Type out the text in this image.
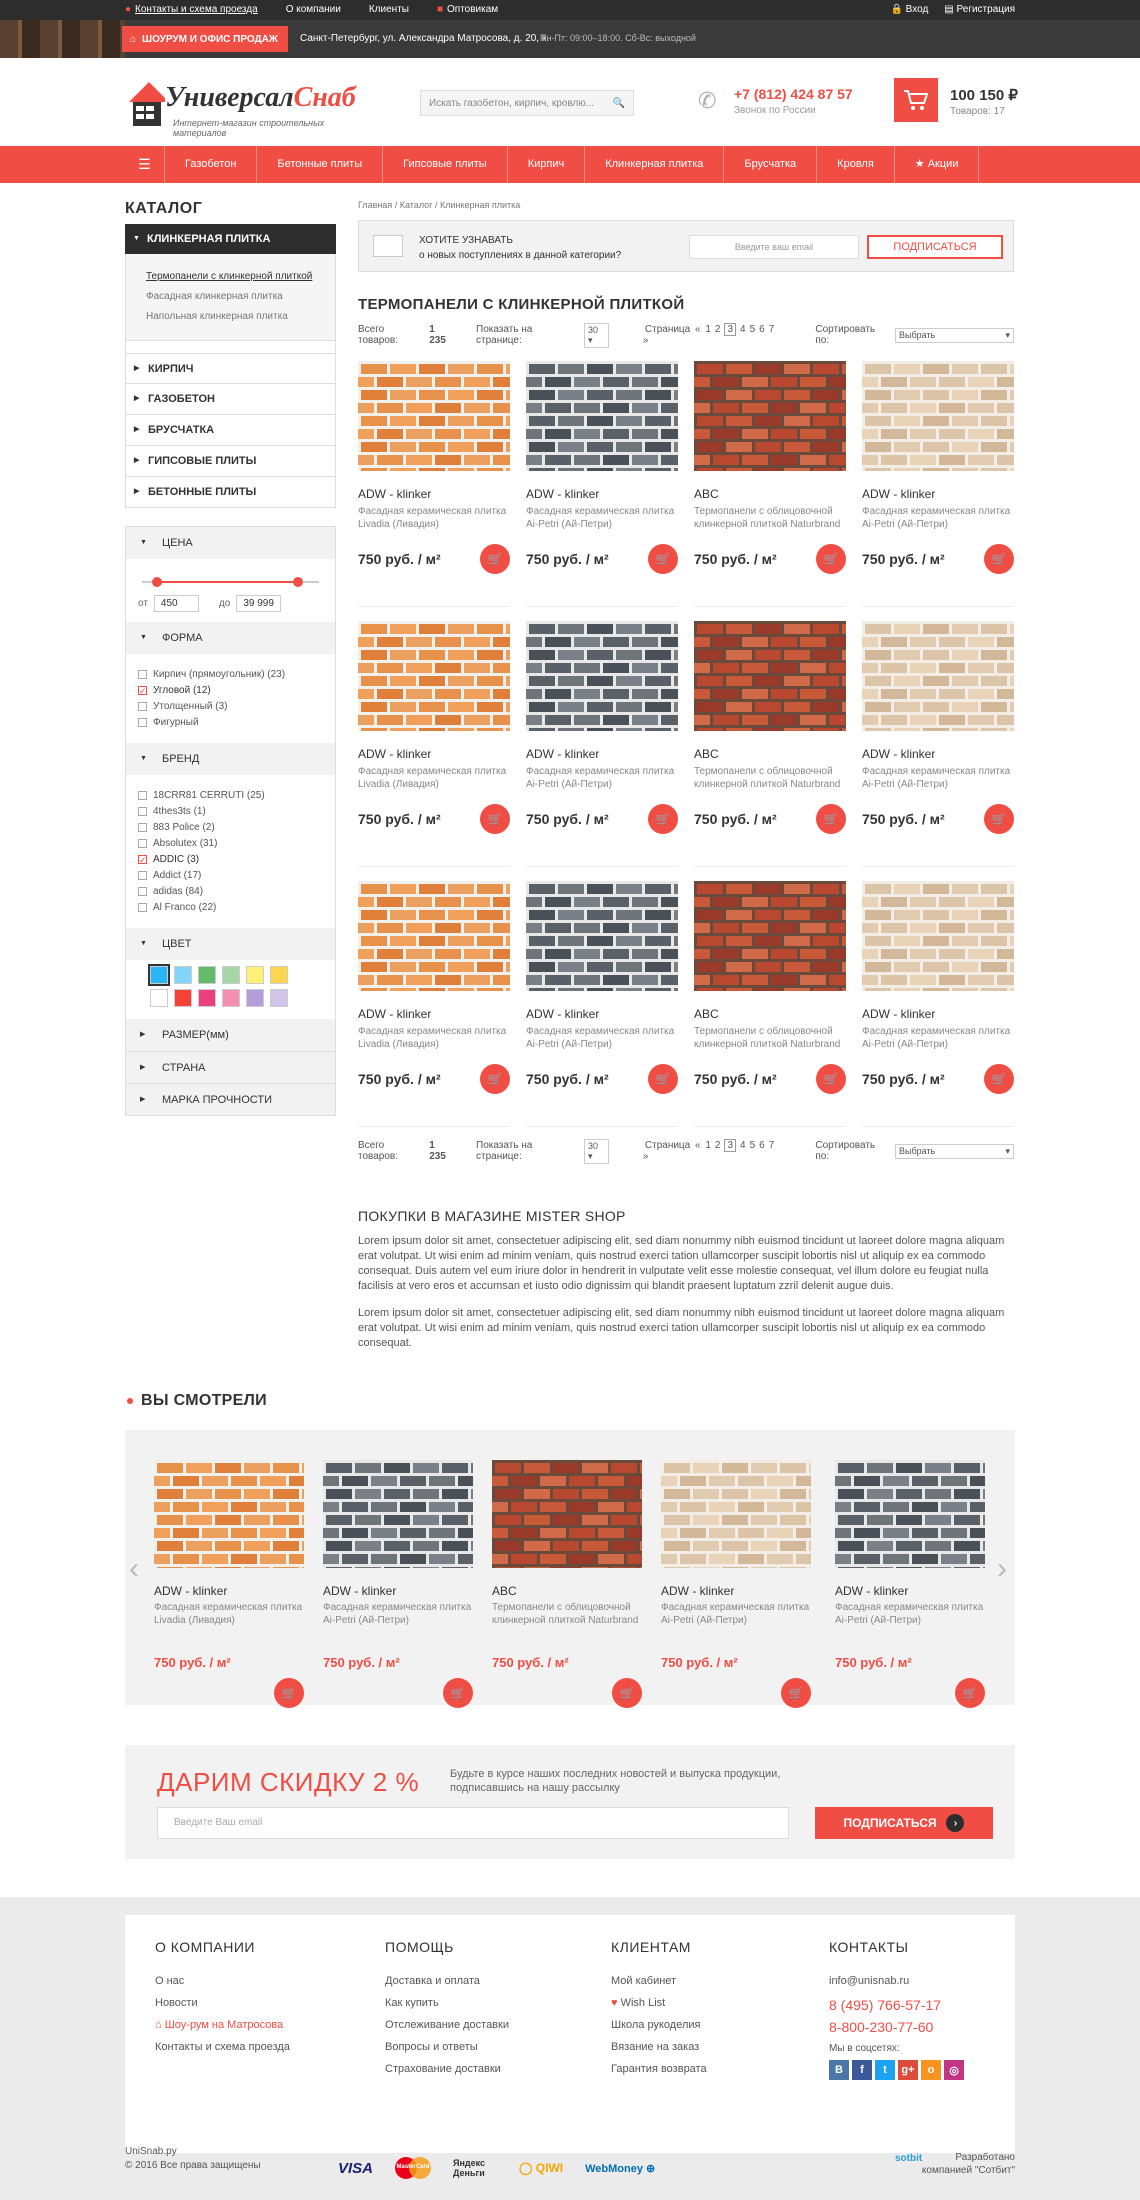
● Контакты и схема проезда	О компании	Клиенты	■ Оптовикам	🔒 Вход ▤ Регистрация
⌂ ШОУРУМ И ОФИС ПРОДАЖ Санкт-Петербург, ул. Александра Матросова, д. 20, к.
Пн-Пт: 09:00–18:00. Сб-Вс: выходной
УниверсалСнаб
Интернет-магазин строительных материалов
Искать газобетон, кирпич, кровлю... 🔍	✆	+7 (812) 424 87 57
Звонок по России
100 150 ₽
Товаров: 17
☰	Газобетон	Бетонные плиты	Гипсовые плиты	Кирпич	Клинкерная плитка	Брусчатка	Кровля	★ Акции
КАТАЛОГ
▼ КЛИНКЕРНАЯ ПЛИТКА
Термопанели с клинкерной плиткой
Фасадная клинкерная плитка
Напольная клинкерная плитка
▶ КИРПИЧ
▶ ГАЗОБЕТОН
▶ БРУСЧАТКА
▶ ГИПСОВЫЕ ПЛИТЫ
▶ БЕТОННЫЕ ПЛИТЫ
▼ ЦЕНА
от	450	до	39 999
▼ ФОРМА
Кирпич (прямоугольник) (23)
✓ Угловой (12)
Утолщенный (3)
Фигурный
▼ БРЕНД
18CRR81 CERRUTI (25)
4thes3ts (1)
883 Police (2)
Absolutex (31)
✓ ADDIC (3)
Addict (17)
adidas (84)
Al Franco (22)
▼ ЦВЕТ
▶ РАЗМЕР(мм)
▶ СТРАНА
▶ МАРКА ПРОЧНОСТИ
Главная / Каталог / Клинкерная плитка
ХОТИТЕ УЗНАВАТЬ
о новых поступлениях в данной категории?
Введите ваш email	ПОДПИСАТЬСЯ
ТЕРМОПАНЕЛИ С КЛИНКЕРНОЙ ПЛИТКОЙ
Всего товаров:

1 235
Показать на странице:
30 ▾
Страница « 1 2 3 4 5 6 7 »
Сортировать по:
Выбрать	▾
ADW - klinker
Фасадная керамическая плитка Livadia (Ливадия)
750 руб. / м²	🛒
ADW - klinker
Фасадная керамическая плитка Ai-Petri (Ай-Петри)
750 руб. / м²	🛒
ABC
Термопанели с облицовочной клинкерной плиткой Naturbrand
750 руб. / м²	🛒
ADW - klinker
Фасадная керамическая плитка Ai-Petri (Ай-Петри)
750 руб. / м²	🛒
ADW - klinker
Фасадная керамическая плитка Livadia (Ливадия)
750 руб. / м²	🛒
ADW - klinker
Фасадная керамическая плитка Ai-Petri (Ай-Петри)
750 руб. / м²	🛒
ABC
Термопанели с облицовочной клинкерной плиткой Naturbrand
750 руб. / м²	🛒
ADW - klinker
Фасадная керамическая плитка Ai-Petri (Ай-Петри)
750 руб. / м²	🛒
ADW - klinker
Фасадная керамическая плитка Livadia (Ливадия)
750 руб. / м²	🛒
ADW - klinker
Фасадная керамическая плитка Ai-Petri (Ай-Петри)
750 руб. / м²	🛒
ABC
Термопанели с облицовочной клинкерной плиткой Naturbrand
750 руб. / м²	🛒
ADW - klinker
Фасадная керамическая плитка Ai-Petri (Ай-Петри)
750 руб. / м²	🛒
Всего товаров:

1 235
Показать на странице:
30 ▾
Страница « 1 2 3 4 5 6 7 »
Сортировать по:
Выбрать	▾
ПОКУПКИ В МАГАЗИНЕ MISTER SHOP

Lorem ipsum dolor sit amet, consectetuer adipiscing elit, sed diam nonummy nibh euismod tincidunt ut laoreet dolore magna aliquam erat volutpat. Ut wisi enim ad minim veniam, quis nostrud exerci tation ullamcorper suscipit lobortis nisl ut aliquip ex ea commodo consequat. Duis autem vel eum iriure dolor in hendrerit in vulputate velit esse molestie consequat, vel illum dolore eu feugiat nulla facilisis at vero eros et accumsan et iusto odio dignissim qui blandit praesent luptatum zzril delenit augue duis.

Lorem ipsum dolor sit amet, consectetuer adipiscing elit, sed diam nonummy nibh euismod tincidunt ut laoreet dolore magna aliquam erat volutpat. Ut wisi enim ad minim veniam, quis nostrud exerci tation ullamcorper suscipit lobortis nisl ut aliquip ex ea commodo consequat.

ВЫ СМОТРЕЛИ
‹	›
ADW - klinker
Фасадная керамическая плитка Livadia (Ливадия)
750 руб. / м²
🛒
ADW - klinker
Фасадная керамическая плитка Ai-Petri (Ай-Петри)
750 руб. / м²
🛒
ABC
Термопанели с облицовочной клинкерной плиткой Naturbrand
750 руб. / м²
🛒
ADW - klinker
Фасадная керамическая плитка Ai-Petri (Ай-Петри)
750 руб. / м²
🛒
ADW - klinker
Фасадная керамическая плитка Ai-Petri (Ай-Петри)
750 руб. / м²
🛒
ДАРИМ СКИДКУ 2 %	Будьте в курсе наших последних новостей и выпуска продукции,
подписавшись на нашу рассылку
Введите Ваш email	ПОДПИСАТЬСЯ	›
О КОМПАНИИ
О нас
Новости
⌂ Шоу-рум на Матросова
Контакты и схема проезда
ПОМОЩЬ
Доставка и оплата
Как купить
Отслеживание доставки
Вопросы и ответы
Страхование доставки
КЛИЕНТАМ
Мой кабинет
♥ Wish List
Школа рукоделия
Вязание на заказ
Гарантия возврата
КОНТАКТЫ
info@unisnab.ru
8 (495) 766-57-17
8-800-230-77-60
Мы в соцсетях:
B	f	t	g+	o	◎
UniSnab.py
© 2016 Все права защищены	VISA	MasterCard	Яндекс Деньги	◯ QIWI WebMoney ⊕
sotbit	Разработано
компанией "Сотбит"
